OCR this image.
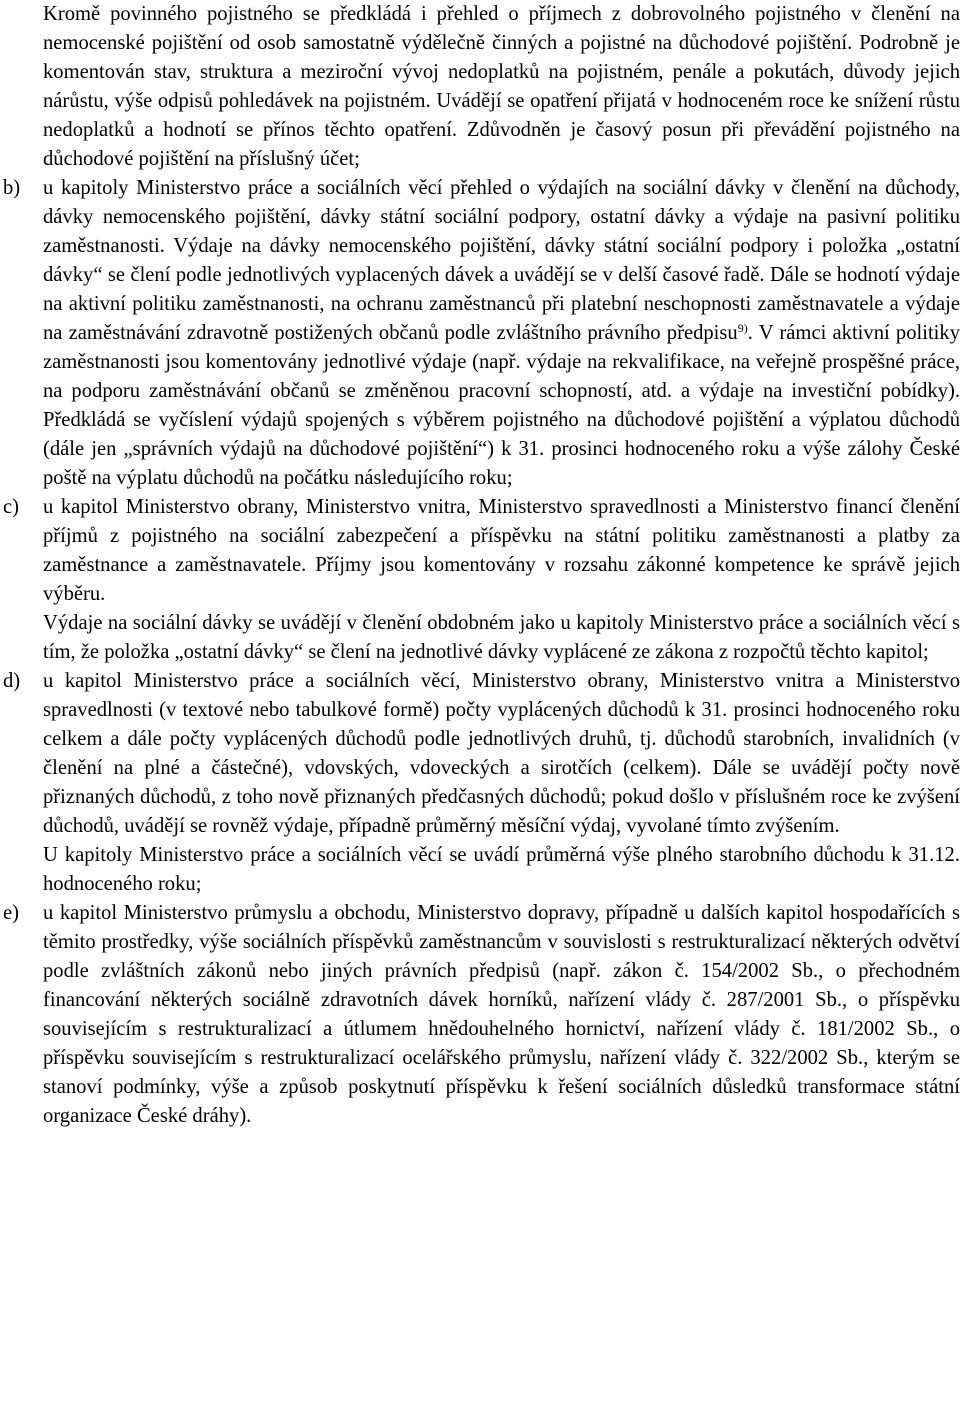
Kromě povinného pojistného se předkládá i přehled o příjmech z dobrovolného pojistného v členění na nemocenské pojištění od osob samostatně výdělečně činných a pojistné na důchodové pojištění. Podrobně je komentován stav, struktura a meziroční vývoj nedoplatků na pojistném, penále a pokutách, důvody jejich nárůstu, výše odpisů pohledávek na pojistném. Uvádějí se opatření přijatá v hodnoceném roce ke snížení růstu nedoplatků a hodnotí se přínos těchto opatření. Zdůvodněn je časový posun při převádění pojistného na důchodové pojištění na příslušný účet;

b) u kapitoly Ministerstvo práce a sociálních věcí přehled o výdajích na sociální dávky v členění na důchody, dávky nemocenského pojištění, dávky státní sociální podpory, ostatní dávky a výdaje na pasivní politiku zaměstnanosti. Výdaje na dávky nemocenského pojištění, dávky státní sociální podpory i položka „ostatní dávky“ se člení podle jednotlivých vyplacených dávek a uvádějí se v delší časové řadě. Dále se hodnotí výdaje na aktivní politiku zaměstnanosti, na ochranu zaměstnanců při platební neschopnosti zaměstnavatele a výdaje na zaměstnávání zdravotně postižených občanů podle zvláštního právního předpisu$^{9)}$. V rámci aktivní politiky zaměstnanosti jsou komentovány jednotlivé výdaje (např. výdaje na rekvalifikace, na veřejně prospěšné práce, na podporu zaměstnávání občanů se změněnou pracovní schopností, atd. a výdaje na investiční pobídky). Předkládá se vyčíslení výdajů spojených s výběrem pojistného na důchodové pojištění a výplatou důchodů (dále jen „správních výdajů na důchodové pojištění“) k 31. prosinci hodnoceného roku a výše zálohy České poště na výplatu důchodů na počátku následujícího roku;

c) u kapitol Ministerstvo obrany, Ministerstvo vnitra, Ministerstvo spravedlnosti a Ministerstvo financí členění příjmů z pojistného na sociální zabezpečení a příspěvku na státní politiku zaměstnanosti a platby za zaměstnance a zaměstnavatele. Příjmy jsou komentovány v rozsahu zákonné kompetence ke správě jejich výběru.

Výdaje na sociální dávky se uvádějí v členění obdobném jako u kapitoly Ministerstvo práce a sociálních věcí s tím, že položka „ostatní dávky“ se člení na jednotlivé dávky vyplácené ze zákona z rozpočtů těchto kapitol;

d) u kapitol Ministerstvo práce a sociálních věcí, Ministerstvo obrany, Ministerstvo vnitra a Ministerstvo spravedlnosti (v textové nebo tabulkové formě) počty vyplácených důchodů k 31. prosinci hodnoceného roku celkem a dále počty vyplácených důchodů podle jednotlivých druhů, tj. důchodů starobních, invalidních (v členění na plné a částečné), vdovských, vdoveckých a sirotčích (celkem). Dále se uvádějí počty nově přiznaných důchodů, z toho nově přiznaných předčasných důchodů; pokud došlo v příslušném roce ke zvýšení důchodů, uvádějí se rovněž výdaje, případně průměrný měsíční výdaj, vyvolané tímto zvýšením.

U kapitoly Ministerstvo práce a sociálních věcí se uvádí průměrná výše plného starobního důchodu k 31.12. hodnoceného roku;

e) u kapitol Ministerstvo průmyslu a obchodu, Ministerstvo dopravy, případně u dalších kapitol hospodařících s těmito prostředky, výše sociálních příspěvků zaměstnancům v souvislosti s restrukturalizací některých odvětví podle zvláštních zákonů nebo jiných právních předpisů (např. zákon č. 154/2002 Sb., o přechodném financování některých sociálně zdravotních dávek horníků, nařízení vlády č. 287/2001 Sb., o příspěvku souvisejícím s restrukturalizací a útlumem hnědouhelného hornictví, nařízení vlády č. 181/2002 Sb., o příspěvku souvisejícím s restrukturalizací ocelářského průmyslu, nařízení vlády č. 322/2002 Sb., kterým se stanoví podmínky, výše a způsob poskytnutí příspěvku k řešení sociálních důsledků transformace státní organizace České dráhy).
